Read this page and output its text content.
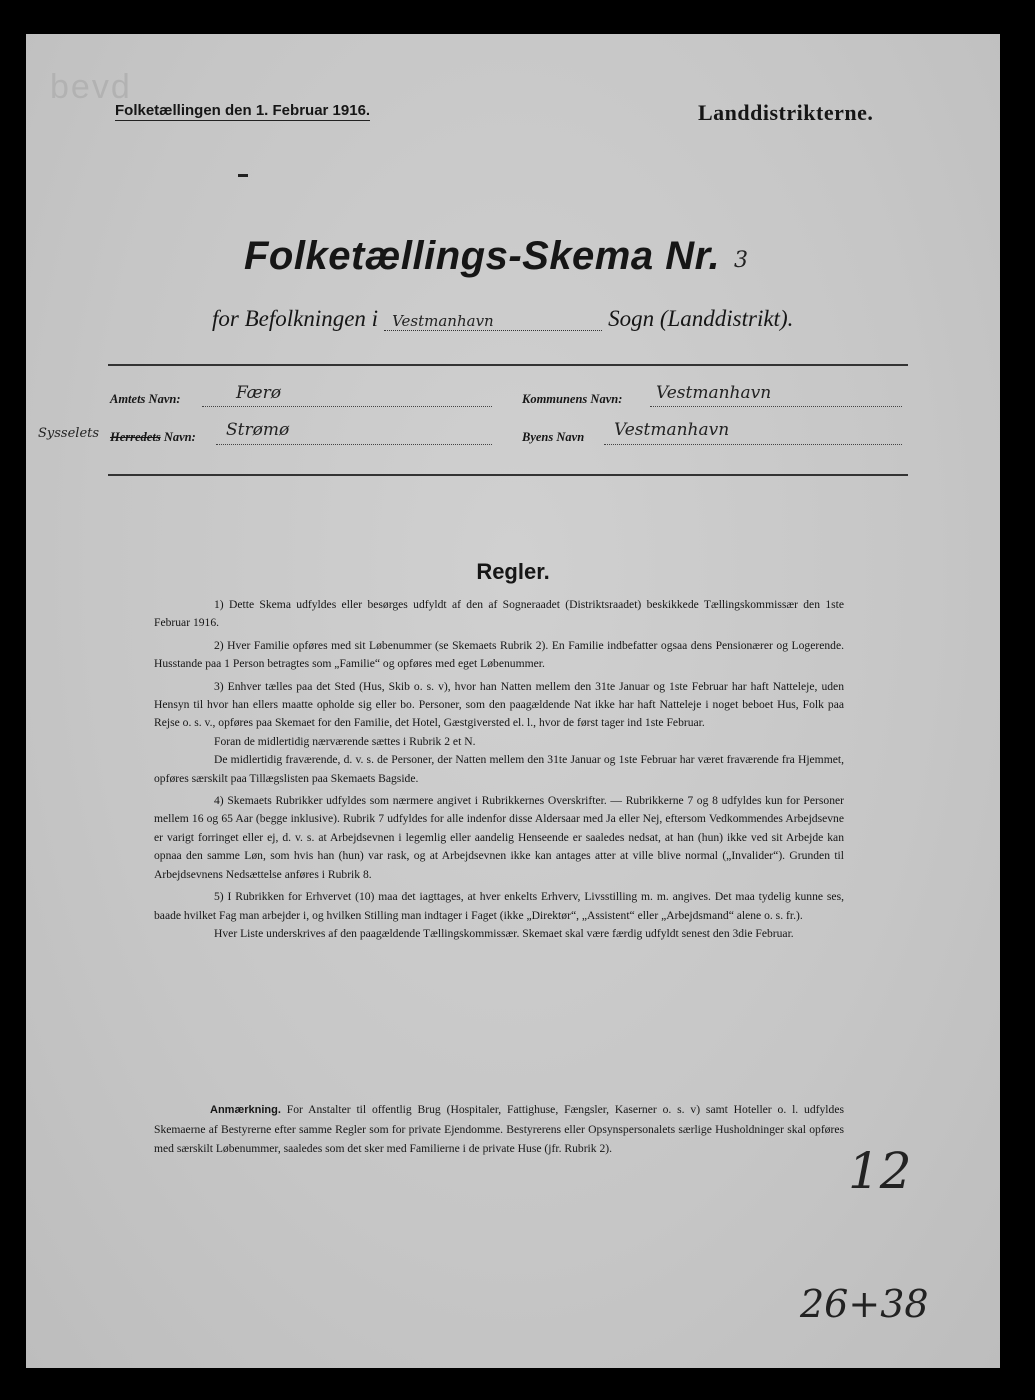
bevd
Folketællingen den 1. Februar 1916.	Landdistrikterne.
Folketællings-Skema Nr. 3
for Befolkningen i Vestmanhavn	Sogn (Landdistrikt).
Amtets Navn:	Færø	Kommunens Navn: Vestmanhavn
Sysselets Herredets Navn: Strømø	Byens Navn Vestmanhavn
Regler.

1) Dette Skema udfyldes eller besørges udfyldt af den af Sogneraadet (Distriktsraadet) beskikkede Tællingskommissær den 1ste Februar 1916.

2) Hver Familie opføres med sit Løbenummer (se Skemaets Rubrik 2). En Familie indbefatter ogsaa dens Pensionærer og Logerende. Husstande paa 1 Person betragtes som „Familie“ og opføres med eget Løbenummer.

3) Enhver tælles paa det Sted (Hus, Skib o. s. v), hvor han Natten mellem den 31te Januar og 1ste Februar har haft Natteleje, uden Hensyn til hvor han ellers maatte opholde sig eller bo. Personer, som den paagældende Nat ikke har haft Natteleje i noget beboet Hus, Folk paa Rejse o. s. v., opføres paa Skemaet for den Familie, det Hotel, Gæstgiversted el. l., hvor de først tager ind 1ste Februar.

Foran de midlertidig nærværende sættes i Rubrik 2 et N.

De midlertidig fraværende, d. v. s. de Personer, der Natten mellem den 31te Januar og 1ste Februar har været fraværende fra Hjemmet, opføres særskilt paa Tillægslisten paa Skemaets Bagside.

4) Skemaets Rubrikker udfyldes som nærmere angivet i Rubrikkernes Overskrifter. — Rubrikkerne 7 og 8 udfyldes kun for Personer mellem 16 og 65 Aar (begge inklusive). Rubrik 7 udfyldes for alle indenfor disse Aldersaar med Ja eller Nej, eftersom Vedkommendes Arbejdsevne er varigt forringet eller ej, d. v. s. at Arbejdsevnen i legemlig eller aandelig Henseende er saaledes nedsat, at han (hun) ikke ved sit Arbejde kan opnaa den samme Løn, som hvis han (hun) var rask, og at Arbejdsevnen ikke kan antages atter at ville blive normal („Invalider“). Grunden til Arbejdsevnens Nedsættelse anføres i Rubrik 8.

5) I Rubrikken for Erhvervet (10) maa det iagttages, at hver enkelts Erhverv, Livsstilling m. m. angives. Det maa tydelig kunne ses, baade hvilket Fag man arbejder i, og hvilken Stilling man indtager i Faget (ikke „Direktør“, „Assistent“ eller „Arbejdsmand“ alene o. s. fr.).

Hver Liste underskrives af den paagældende Tællingskommissær. Skemaet skal være færdig udfyldt senest den 3die Februar.

Anmærkning. For Anstalter til offentlig Brug (Hospitaler, Fattighuse, Fængsler, Kaserner o. s. v) samt Hoteller o. l. udfyldes Skemaerne af Bestyrerne efter samme Regler som for private Ejendomme. Bestyrerens eller Opsynspersonalets særlige Husholdninger skal opføres med særskilt Løbenummer, saaledes som det sker med Familierne i de private Huse (jfr. Rubrik 2).	12
26+38
